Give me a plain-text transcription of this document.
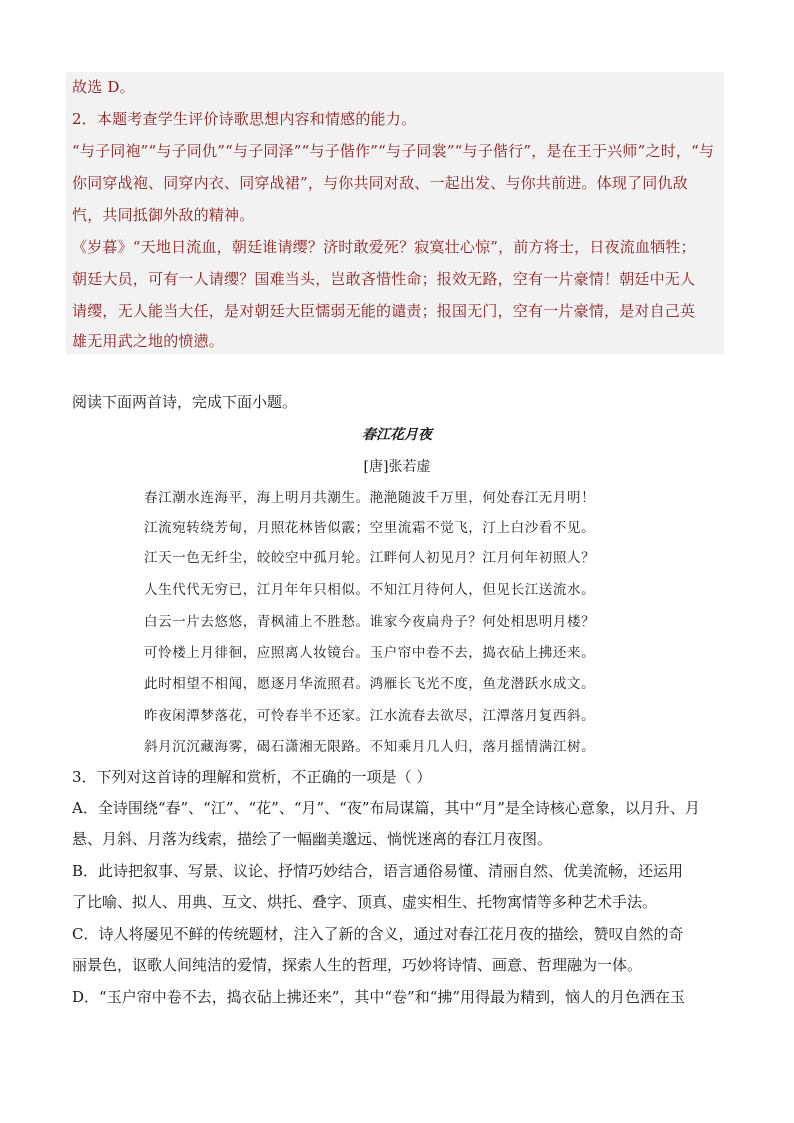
故选 D。
2．本题考查学生评价诗歌思想内容和情感的能力。
“与子同袍”“与子同仇”“与子同泽”“与子偕作”“与子同裳”“与子偕行”，是在王于兴师”之时，“与
你同穿战袍、同穿内衣、同穿战裙”，与你共同对敌、一起出发、与你共前进。体现了同仇敌
忾，共同抵御外敌的精神。
《岁暮》“天地日流血，朝廷谁请缨？济时敢爱死？寂寞壮心惊”，前方将士，日夜流血牺牲；
朝廷大员，可有一人请缨？国难当头，岂敢吝惜性命；报效无路，空有一片豪情！朝廷中无人
请缨，无人能当大任，是对朝廷大臣懦弱无能的谴责；报国无门，空有一片豪情，是对自己英
雄无用武之地的愤懑。
阅读下面两首诗，完成下面小题。
春江花月夜
[唐]张若虚
春江潮水连海平，海上明月共潮生。滟滟随波千万里，何处春江无月明！
江流宛转绕芳甸，月照花林皆似霰；空里流霜不觉飞，汀上白沙看不见。
江天一色无纤尘，皎皎空中孤月轮。江畔何人初见月？江月何年初照人？
人生代代无穷已，江月年年只相似。不知江月待何人，但见长江送流水。
白云一片去悠悠，青枫浦上不胜愁。谁家今夜扁舟子？何处相思明月楼？
可怜楼上月徘徊，应照离人妆镜台。玉户帘中卷不去，捣衣砧上拂还来。
此时相望不相闻，愿逐月华流照君。鸿雁长飞光不度，鱼龙潜跃水成文。
昨夜闲潭梦落花，可怜春半不还家。江水流春去欲尽，江潭落月复西斜。
斜月沉沉藏海雾，碣石潇湘无限路。不知乘月几人归，落月摇情满江树。
3．下列对这首诗的理解和赏析，不正确的一项是（ ）
A．全诗围绕“春”、“江”、“花”、“月”、“夜”布局谋篇，其中“月”是全诗核心意象，以月升、月
悬、月斜、月落为线索，描绘了一幅幽美邈远、惝恍迷离的春江月夜图。
B．此诗把叙事、写景、议论、抒情巧妙结合，语言通俗易懂、清丽自然、优美流畅，还运用
了比喻、拟人、用典、互文、烘托、叠字、顶真、虚实相生、托物寓情等多种艺术手法。
C．诗人将屡见不鲜的传统题材，注入了新的含义，通过对春江花月夜的描绘，赞叹自然的奇
丽景色，讴歌人间纯洁的爱情，探索人生的哲理，巧妙将诗情、画意、哲理融为一体。
D．“玉户帘中卷不去，捣衣砧上拂还来”，其中“卷”和“拂”用得最为精到，恼人的月色洒在玉
